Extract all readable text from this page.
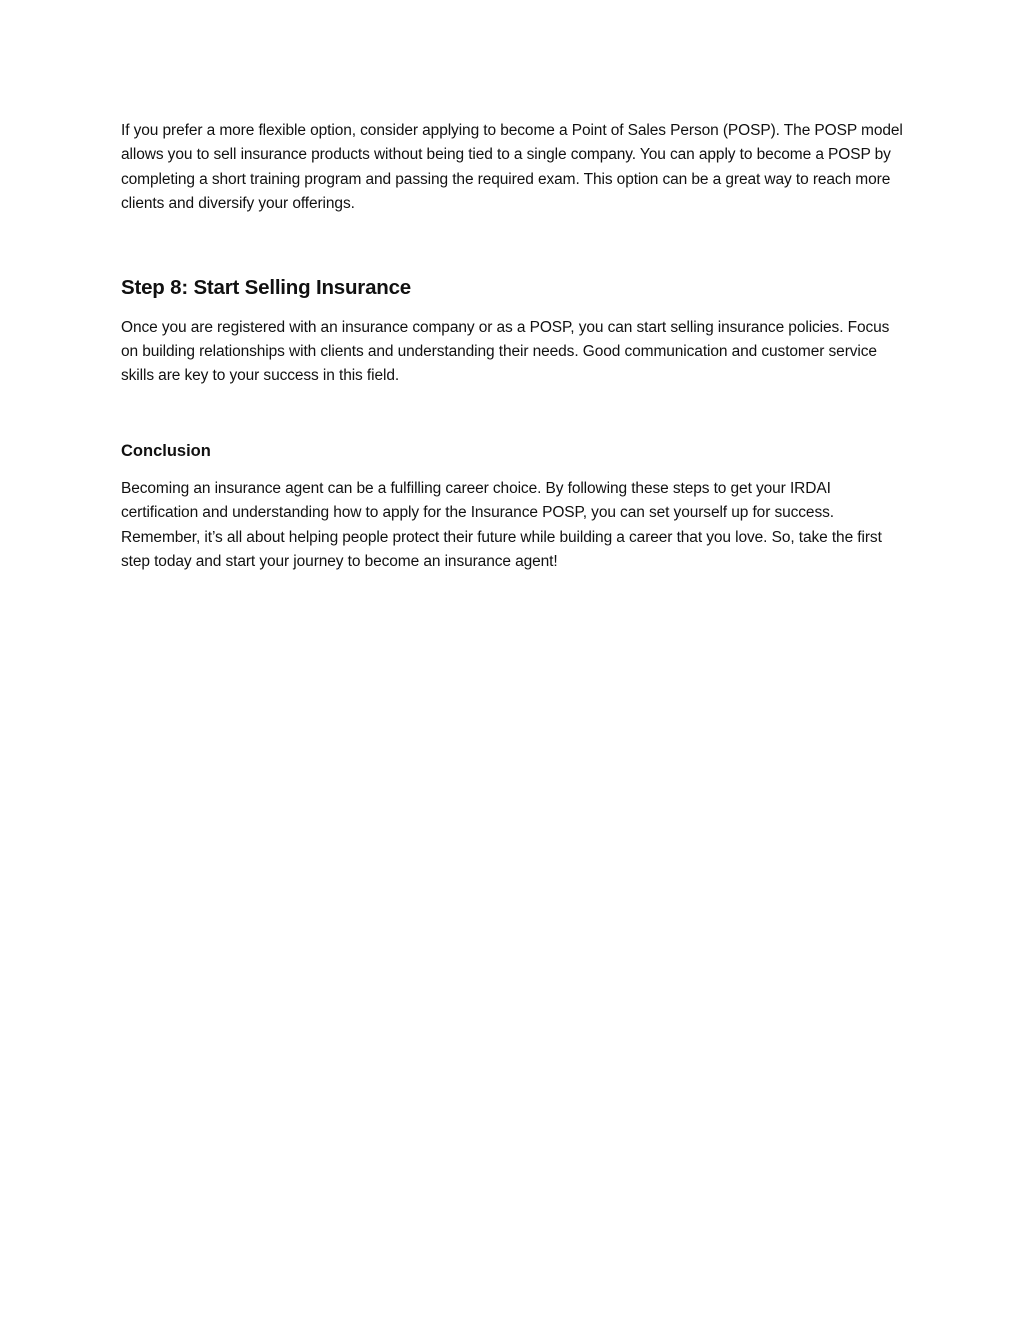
If you prefer a more flexible option, consider applying to become a Point of Sales Person (POSP). The POSP model allows you to sell insurance products without being tied to a single company. You can apply to become a POSP by completing a short training program and passing the required exam. This option can be a great way to reach more clients and diversify your offerings.

Step 8: Start Selling Insurance

Once you are registered with an insurance company or as a POSP, you can start selling insurance policies. Focus on building relationships with clients and understanding their needs. Good communication and customer service skills are key to your success in this field.

Conclusion

Becoming an insurance agent can be a fulfilling career choice. By following these steps to get your IRDAI certification and understanding how to apply for the Insurance POSP, you can set yourself up for success. Remember, it’s all about helping people protect their future while building a career that you love. So, take the first step today and start your journey to become an insurance agent!
